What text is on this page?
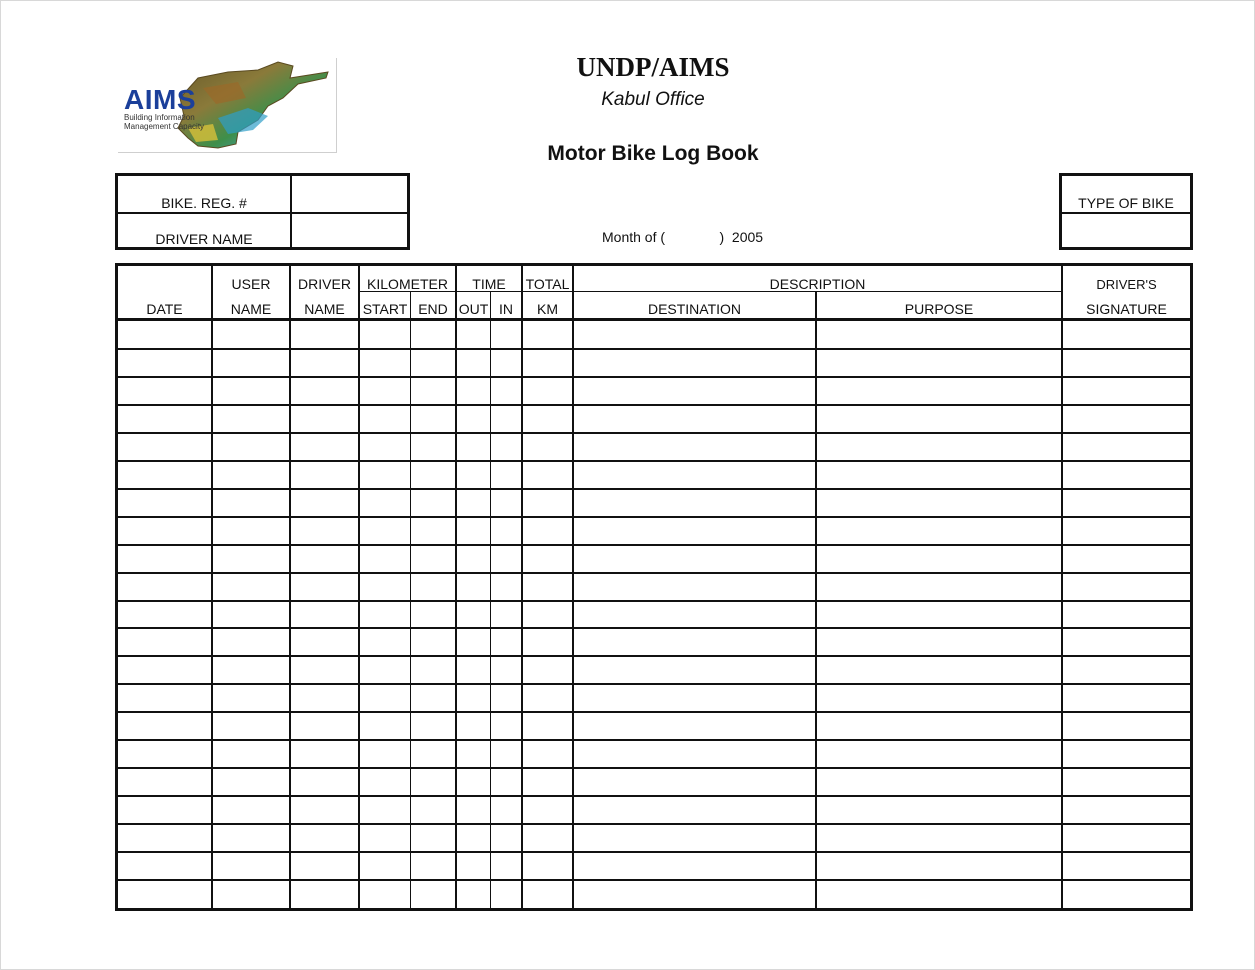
AIMS
Building Information
Management Capacity
UNDP/AIMS
Kabul Office
Motor Bike Log Book
BIKE. REG. #
DRIVER NAME	Month of (              )  2005
TYPE OF BIKE
DATE
USER
NAME
DRIVER
NAME
KILOMETER
START END
TIME
OUT IN
TOTAL
KM
DESCRIPTION
DESTINATION	PURPOSE
DRIVER'S
SIGNATURE
